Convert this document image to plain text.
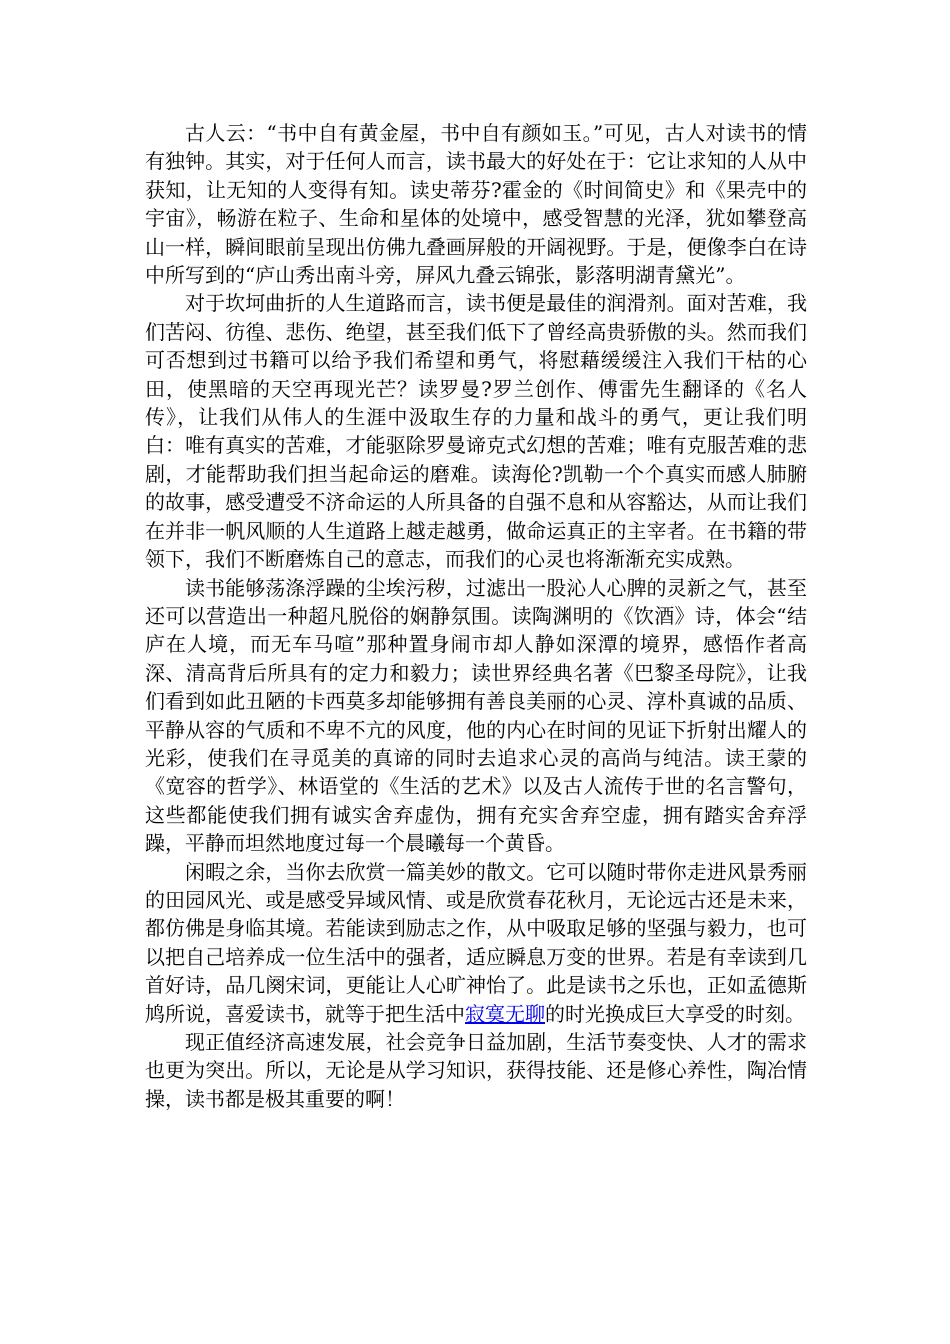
古人云：“书中自有黄金屋，书中自有颜如玉。”可见，古人对读书的情有独钟。其实，对于任何人而言，读书最大的好处在于：它让求知的人从中获知，让无知的人变得有知。读史蒂芬?霍金的《时间简史》和《果壳中的宇宙》，畅游在粒子、生命和星体的处境中，感受智慧的光泽，犹如攀登高山一样，瞬间眼前呈现出仿佛九叠画屏般的开阔视野。于是，便像李白在诗中所写到的“庐山秀出南斗旁，屏风九叠云锦张，影落明湖青黛光”。

对于坎坷曲折的人生道路而言，读书便是最佳的润滑剂。面对苦难，我们苦闷、彷徨、悲伤、绝望，甚至我们低下了曾经高贵骄傲的头。然而我们可否想到过书籍可以给予我们希望和勇气，将慰藉缓缓注入我们干枯的心田，使黑暗的天空再现光芒？读罗曼?罗兰创作、傅雷先生翻译的《名人传》，让我们从伟人的生涯中汲取生存的力量和战斗的勇气，更让我们明白：唯有真实的苦难，才能驱除罗曼谛克式幻想的苦难；唯有克服苦难的悲剧，才能帮助我们担当起命运的磨难。读海伦?凯勒一个个真实而感人肺腑的故事，感受遭受不济命运的人所具备的自强不息和从容豁达，从而让我们在并非一帆风顺的人生道路上越走越勇，做命运真正的主宰者。在书籍的带领下，我们不断磨炼自己的意志，而我们的心灵也将渐渐充实成熟。

读书能够荡涤浮躁的尘埃污秽，过滤出一股沁人心脾的灵新之气，甚至还可以营造出一种超凡脱俗的娴静氛围。读陶渊明的《饮酒》诗，体会“结庐在人境，而无车马喧”那种置身闹市却人静如深潭的境界，感悟作者高深、清高背后所具有的定力和毅力；读世界经典名著《巴黎圣母院》，让我们看到如此丑陋的卡西莫多却能够拥有善良美丽的心灵、淳朴真诚的品质、平静从容的气质和不卑不亢的风度，他的内心在时间的见证下折射出耀人的光彩，使我们在寻觅美的真谛的同时去追求心灵的高尚与纯洁。读王蒙的《宽容的哲学》、林语堂的《生活的艺术》以及古人流传于世的名言警句，这些都能使我们拥有诚实舍弃虚伪，拥有充实舍弃空虚，拥有踏实舍弃浮躁，平静而坦然地度过每一个晨曦每一个黄昏。

闲暇之余，当你去欣赏一篇美妙的散文。它可以随时带你走进风景秀丽的田园风光、或是感受异域风情、或是欣赏春花秋月，无论远古还是未来，都仿佛是身临其境。若能读到励志之作，从中吸取足够的坚强与毅力，也可以把自己培养成一位生活中的强者，适应瞬息万变的世界。若是有幸读到几首好诗，品几阕宋词，更能让人心旷神怡了。此是读书之乐也，正如孟德斯鸠所说，喜爱读书，就等于把生活中寂寞无聊的时光换成巨大享受的时刻。

现正值经济高速发展，社会竞争日益加剧，生活节奏变快、人才的需求也更为突出。所以，无论是从学习知识，获得技能、还是修心养性，陶冶情操，读书都是极其重要的啊！
